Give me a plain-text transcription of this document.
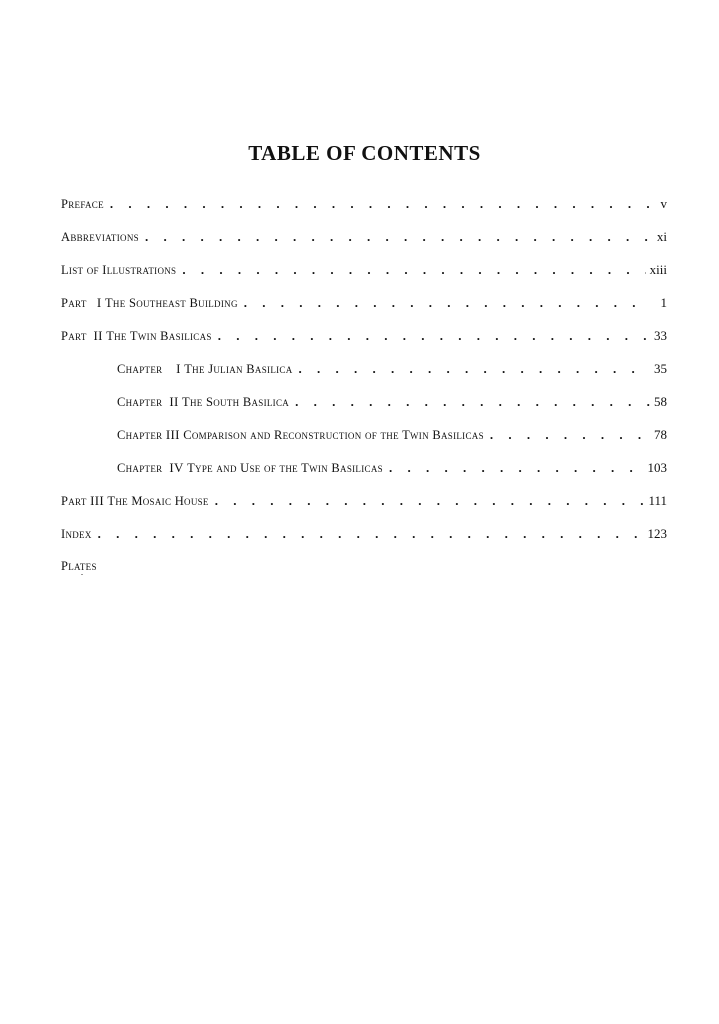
TABLE OF CONTENTS
Preface . . .	v
Abbreviations . . .	xi
List of Illustrations . . .	xiii
Part I The Southeast Building . . .	1
Part II The Twin Basilicas . . .	33
Chapter I The Julian Basilica . . .	35
Chapter II The South Basilica . . .	58
Chapter III Comparison and Reconstruction of the Twin Basilicas . . .	78
Chapter IV Type and Use of the Twin Basilicas . . .	103
Part III The Mosaic House . . .	111
Index . . .	123
Plates
